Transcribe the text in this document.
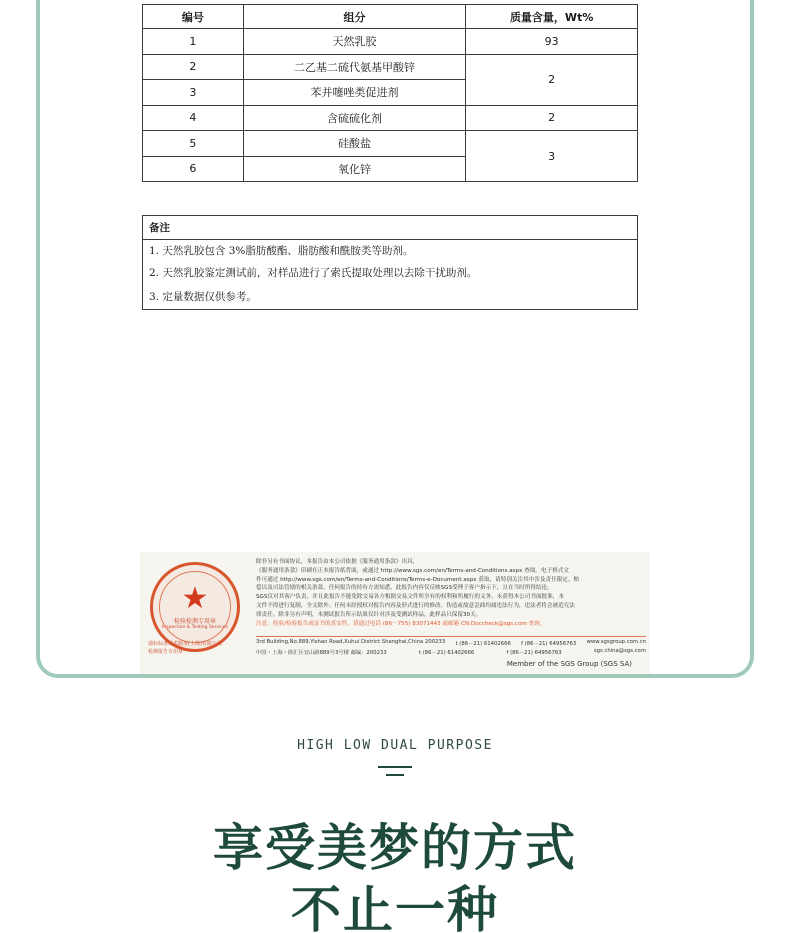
编号	组分	质量含量，Wt%
1	天然乳胶	93
2	二乙基二硫代氨基甲酸锌	2
3	苯并噻唑类促进剂	
4	含硫硫化剂	2
5	硅酸盐	3
6	氧化锌	
备注
1. 天然乳胶包含 3%脂肪酸酯、脂肪酸和酰胺类等助剂。
2. 天然乳胶鉴定测试前，对样品进行了索氏提取处理以去除干扰助剂。
3. 定量数据仅供参考。
★
检验检测专用章
Inspection & Testing Services
通标标准技术服务(上海)有限公司
检测报告专用章
除非另有书面协议，本报告由本公司依据《服务通用条款》出具，
《服务通用条款》印刷在正本报告纸背面，或通过 http://www.sgs.com/en/Terms-and-Conditions.aspx 查阅。电子格式文
件可通过 http://www.sgs.com/en/Terms-and-Conditions/Terms-e-Document.aspx 获取，请特别关注其中涉及责任限定、赔
偿以及司法管辖的相关条款。任何报告的持有方需知悉，此报告内容仅反映SGS受理于客户指示下，且在当时所得结论。
SGS仅对其客户负责，并且此报告不能免除交易各方根据交易文件所享有的权利和所履行的义务。未获得本公司书面批准，本
文件不得进行复制，全文除外。任何未经授权对报告内容及形式进行的修改、伪造或故意歪曲均属违法行为，违法者将会被追究法
律责任。除非另有声明，本测试报告所示结果仅针对涉及受测试样品，此样品只保留30天。
注意：检验/检验报告或证书的真实性，请通过电话 (86－755) 83071443 或邮箱 CN.Doccheck@sgs.com 查询。
3rd Building,No.889,Yishan Road,Xuhui District Shanghai,China 200233 t (86－21) 61402666 f (86－21) 64956763 www.sgsgroup.com.cn
中国・上海・徐汇区宜山路889号3号楼 邮编：200233	t (86－21) 61402666	f (86－21) 64956763	sgs.china@sgs.com
Member of the SGS Group (SGS SA)
HIGH LOW DUAL PURPOSE
享受美梦的方式
不止一种
